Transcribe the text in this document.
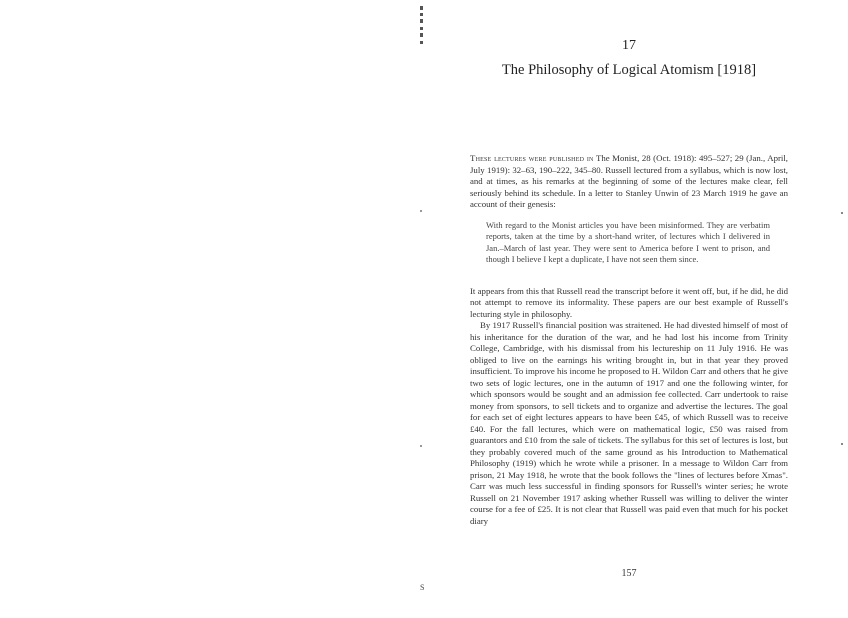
17
The Philosophy of Logical Atomism [1918]

These lectures were published in The Monist, 28 (Oct. 1918): 495–527; 29 (Jan., April, July 1919): 32–63, 190–222, 345–80. Russell lectured from a syllabus, which is now lost, and at times, as his remarks at the beginning of some of the lectures make clear, fell seriously behind its schedule. In a letter to Stanley Unwin of 23 March 1919 he gave an account of their genesis:

With regard to the Monist articles you have been misinformed. They are verbatim reports, taken at the time by a short-hand writer, of lectures which I delivered in Jan.–March of last year. They were sent to America before I went to prison, and though I believe I kept a duplicate, I have not seen them since.

It appears from this that Russell read the transcript before it went off, but, if he did, he did not attempt to remove its informality. These papers are our best example of Russell's lecturing style in philosophy.

By 1917 Russell's financial position was straitened. He had divested himself of most of his inheritance for the duration of the war, and he had lost his income from Trinity College, Cambridge, with his dismissal from his lectureship on 11 July 1916. He was obliged to live on the earnings his writing brought in, but in that year they proved insufficient. To improve his income he proposed to H. Wildon Carr and others that he give two sets of logic lectures, one in the autumn of 1917 and one the following winter, for which sponsors would be sought and an admission fee collected. Carr undertook to raise money from sponsors, to sell tickets and to organize and advertise the lectures. The goal for each set of eight lectures appears to have been £45, of which Russell was to receive £40. For the fall lectures, which were on mathematical logic, £50 was raised from guarantors and £10 from the sale of tickets. The syllabus for this set of lectures is lost, but they probably covered much of the same ground as his Introduction to Mathematical Philosophy (1919) which he wrote while a prisoner. In a message to Wildon Carr from prison, 21 May 1918, he wrote that the book follows the "lines of lectures before Xmas". Carr was much less successful in finding sponsors for Russell's winter series; he wrote Russell on 21 November 1917 asking whether Russell was willing to deliver the winter course for a fee of £25. It is not clear that Russell was paid even that much for his pocket diary

157
S
